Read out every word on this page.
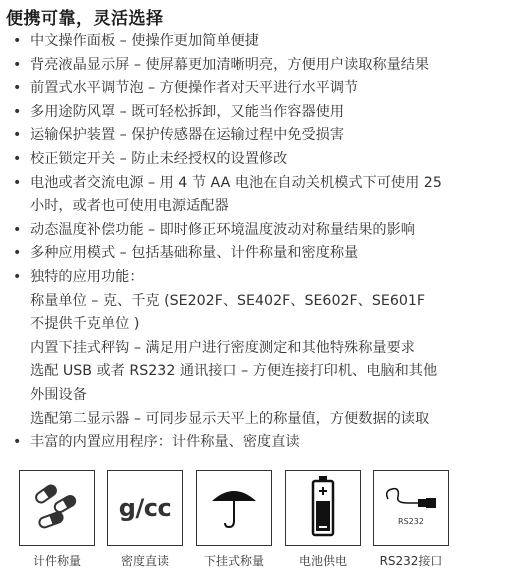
便携可靠，灵活选择
• 中文操作面板 – 使操作更加简单便捷
• 背亮液晶显示屏 – 使屏幕更加清晰明亮，方便用户读取称量结果
• 前置式水平调节泡 – 方便操作者对天平进行水平调节
• 多用途防风罩 – 既可轻松拆卸，又能当作容器使用
• 运输保护装置 – 保护传感器在运输过程中免受损害
• 校正锁定开关 – 防止未经授权的设置修改
• 电池或者交流电源 – 用 4 节 AA 电池在自动关机模式下可使用 25
小时，或者也可使用电源适配器
• 动态温度补偿功能 – 即时修正环境温度波动对称量结果的影响
• 多种应用模式 – 包括基础称量、计件称量和密度称量
• 独特的应用功能：
称量单位 – 克、千克 (SE202F、SE402F、SE602F、SE601F
不提供千克单位 )
内置下挂式秤钩 – 满足用户进行密度测定和其他特殊称量要求
选配 USB 或者 RS232 通讯接口 – 方便连接打印机、电脑和其他
外围设备
选配第二显示器 – 可同步显示天平上的称量值，方便数据的读取
• 丰富的内置应用程序：计件称量、密度直读
计件称量
g/cc
密度直读	下挂式称量	电池供电
RS232
RS232接口
